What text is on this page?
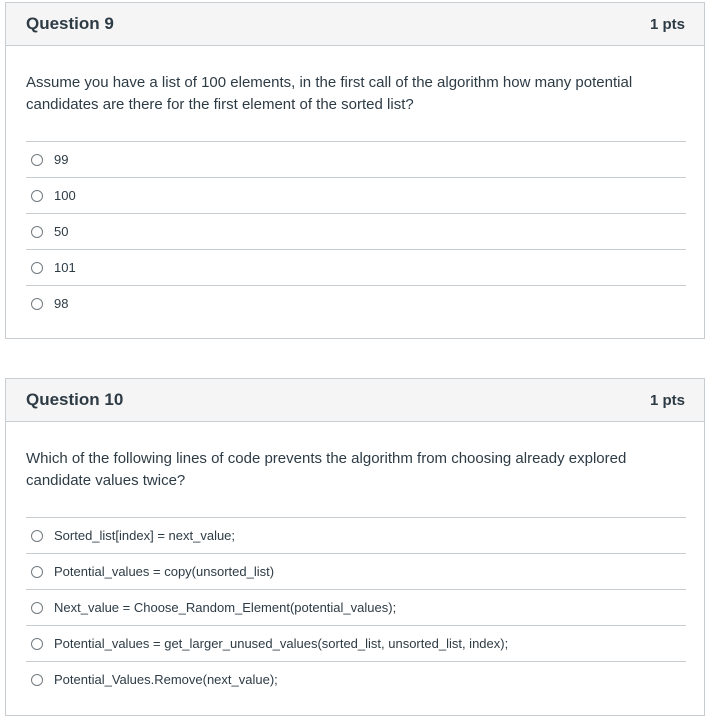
Question 9	1 pts
Assume you have a list of 100 elements, in the first call of the algorithm how many potential
candidates are there for the first element of the sorted list?
99
100
50
101
98
Question 10	1 pts
Which of the following lines of code prevents the algorithm from choosing already explored
candidate values twice?
Sorted_list[index] = next_value;
Potential_values = copy(unsorted_list)
Next_value = Choose_Random_Element(potential_values);
Potential_values = get_larger_unused_values(sorted_list, unsorted_list, index);
Potential_Values.Remove(next_value);
